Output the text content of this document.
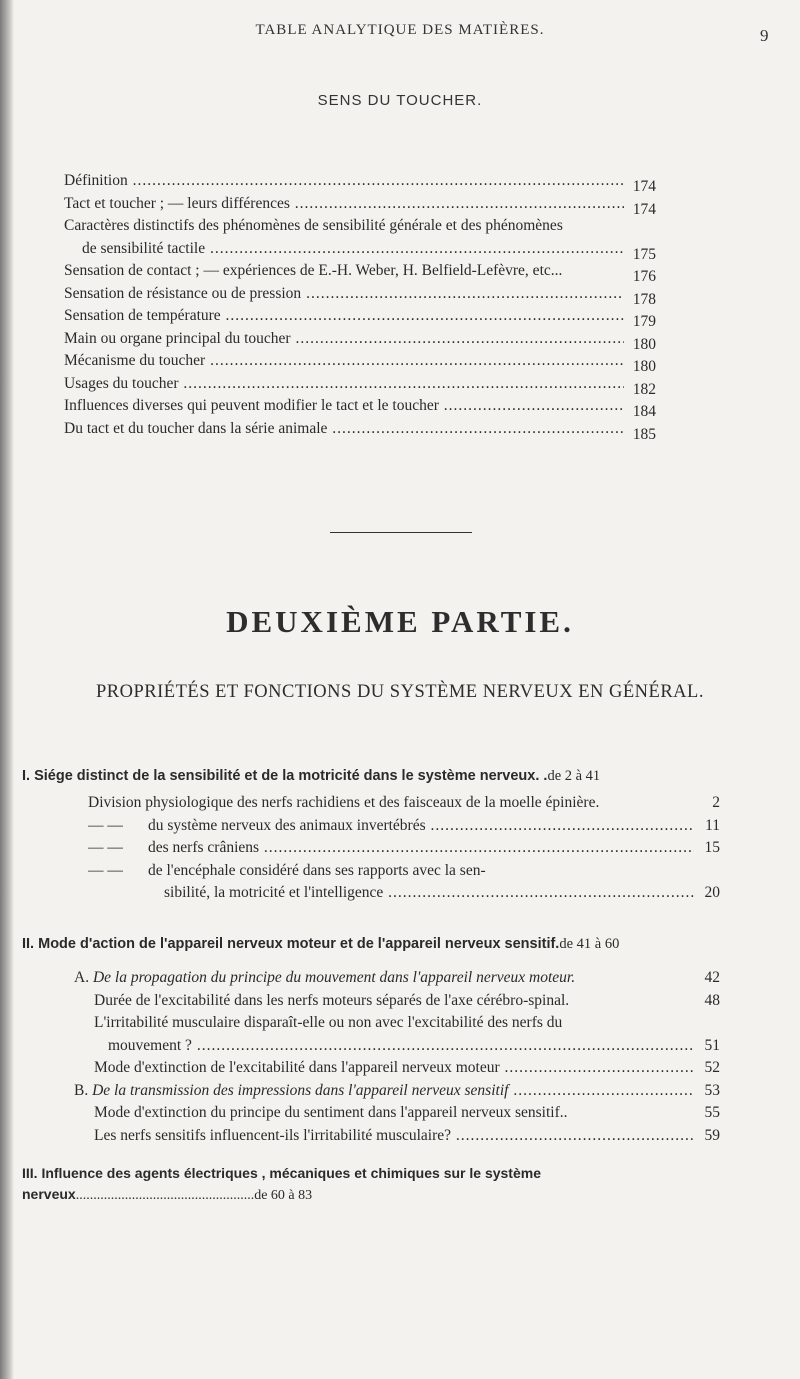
TABLE ANALYTIQUE DES MATIÈRES.	9
SENS DU TOUCHER.
Définition .....	174
Tact et toucher ; — leurs différences .....	174
Caractères distinctifs des phénomènes de sensibilité générale et des phénomènes
de sensibilité tactile .....	175
Sensation de contact ; — expériences de E.-H. Weber, H. Belfield-Lefèvre, etc...	176
Sensation de résistance ou de pression .....	178
Sensation de température .....	179
Main ou organe principal du toucher .....	180
Mécanisme du toucher .....	180
Usages du toucher .....	182
Influences diverses qui peuvent modifier le tact et le toucher .....	184
Du tact et du toucher dans la série animale .....	185
DEUXIÈME PARTIE.
PROPRIÉTÉS ET FONCTIONS DU SYSTÈME NERVEUX EN GÉNÉRAL.
I. Siége distinct de la sensibilité et de la motricité dans le système nerveux. .de 2 à 41
Division physiologique des nerfs rachidiens et des faisceaux de la moelle épinière.	2
— — du système nerveux des animaux invertébrés .....	11
— — des nerfs crâniens .....	15
— — de l'encéphale considéré dans ses rapports avec la sen-
sibilité, la motricité et l'intelligence .....	20
II. Mode d'action de l'appareil nerveux moteur et de l'appareil nerveux sensitif.de 41 à 60
A. De la propagation du principe du mouvement dans l'appareil nerveux moteur.	42
Durée de l'excitabilité dans les nerfs moteurs séparés de l'axe cérébro-spinal.	48
L'irritabilité musculaire disparaît-elle ou non avec l'excitabilité des nerfs du
mouvement ? .....	51
Mode d'extinction de l'excitabilité dans l'appareil nerveux moteur .....	52
B. De la transmission des impressions dans l'appareil nerveux sensitif .....	53
Mode d'extinction du principe du sentiment dans l'appareil nerveux sensitif..	55
Les nerfs sensitifs influencent-ils l'irritabilité musculaire? .....	59
III. Influence des agents électriques , mécaniques et chimiques sur le système
nerveux...................................................de 60 à 83
